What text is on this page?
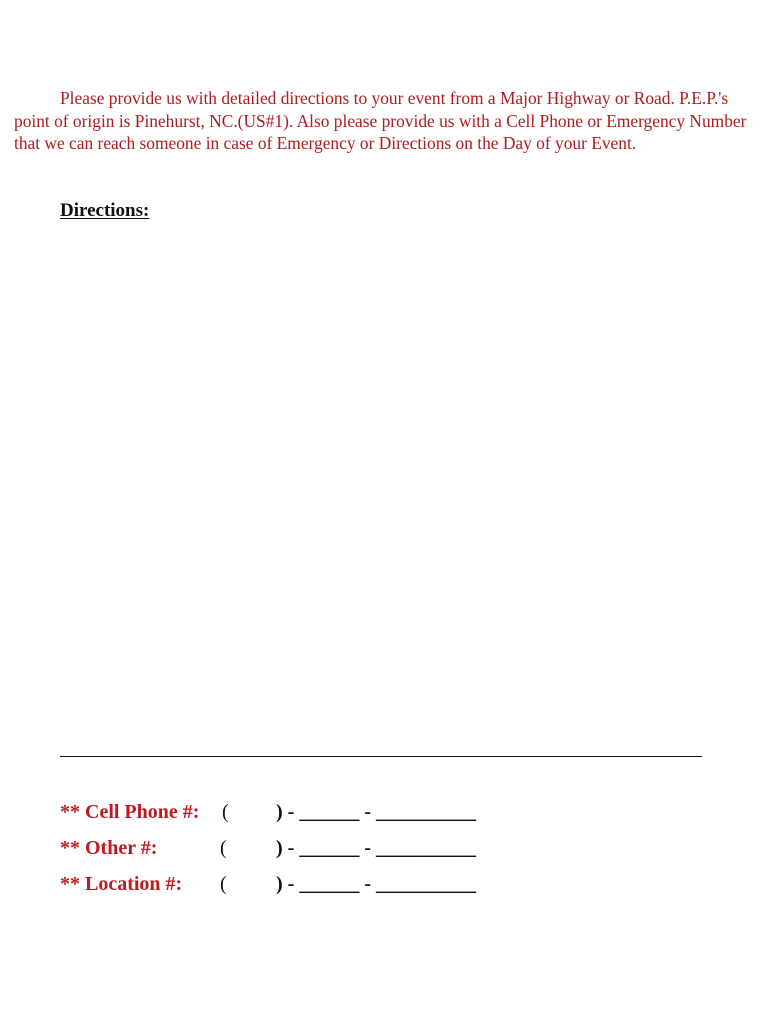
Please provide us with detailed directions to your event from a Major Highway or Road. P.E.P.'s point of origin is Pinehurst, NC.(US#1). Also please provide us with a Cell Phone or Emergency Number that we can reach someone in case of Emergency or Directions on the Day of your Event.

Directions:
** Cell Phone #: ( ) - ______ - __________
** Other #:	( ) - ______ - __________
** Location #: ( ) - ______ - __________
